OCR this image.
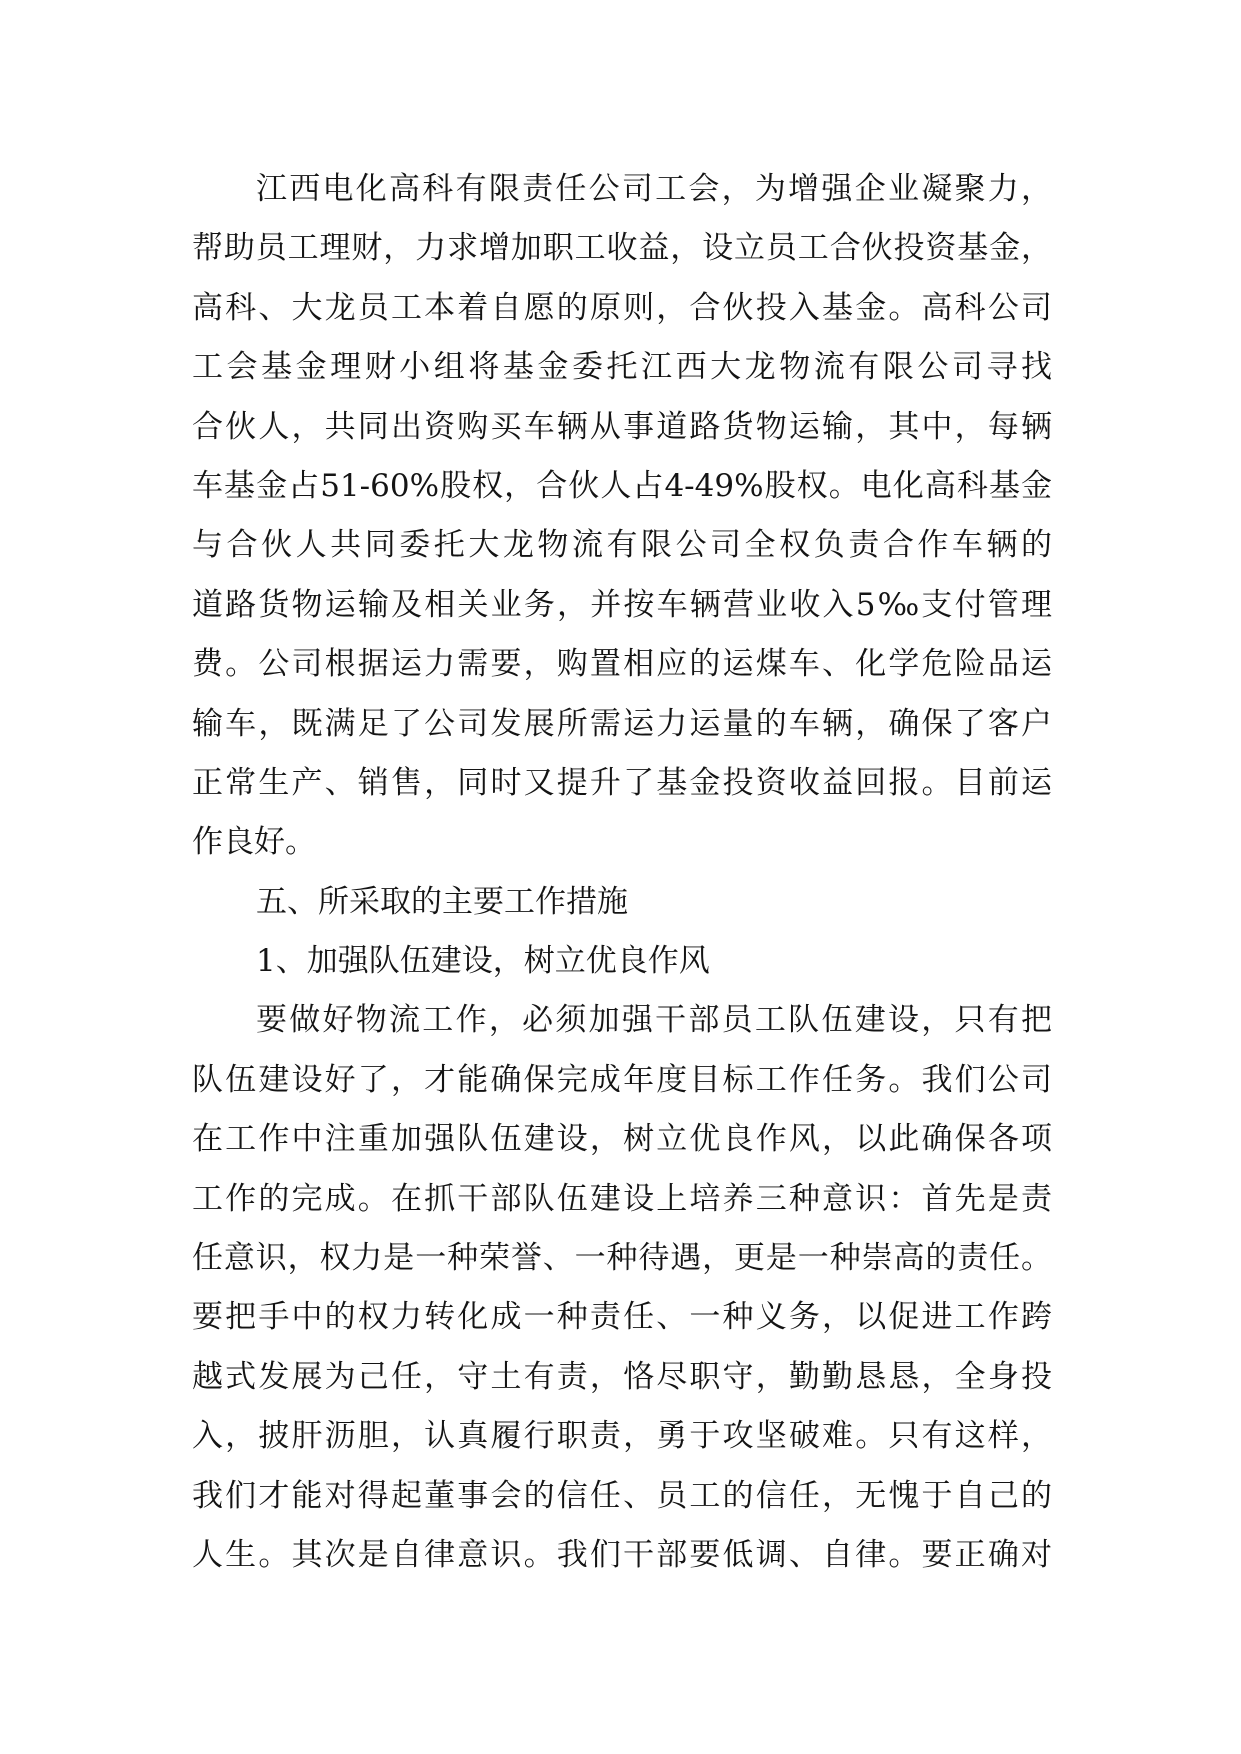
江西电化高科有限责任公司工会，为增强企业凝聚力，
帮助员工理财，力求增加职工收益，设立员工合伙投资基金，
高科、大龙员工本着自愿的原则，合伙投入基金。高科公司
工会基金理财小组将基金委托江西大龙物流有限公司寻找
合伙人，共同出资购买车辆从事道路货物运输，其中，每辆
车基金占51-60%股权，合伙人占4-49%股权。电化高科基金
与合伙人共同委托大龙物流有限公司全权负责合作车辆的
道路货物运输及相关业务，并按车辆营业收入5‰支付管理
费。公司根据运力需要，购置相应的运煤车、化学危险品运
输车，既满足了公司发展所需运力运量的车辆，确保了客户
正常生产、销售，同时又提升了基金投资收益回报。目前运
作良好。
五、所采取的主要工作措施
1、加强队伍建设，树立优良作风
要做好物流工作，必须加强干部员工队伍建设，只有把
队伍建设好了，才能确保完成年度目标工作任务。我们公司
在工作中注重加强队伍建设，树立优良作风，以此确保各项
工作的完成。在抓干部队伍建设上培养三种意识：首先是责
任意识，权力是一种荣誉、一种待遇，更是一种崇高的责任。
要把手中的权力转化成一种责任、一种义务，以促进工作跨
越式发展为己任，守土有责，恪尽职守，勤勤恳恳，全身投
入，披肝沥胆，认真履行职责，勇于攻坚破难。只有这样，
我们才能对得起董事会的信任、员工的信任，无愧于自己的
人生。其次是自律意识。我们干部要低调、自律。要正确对
